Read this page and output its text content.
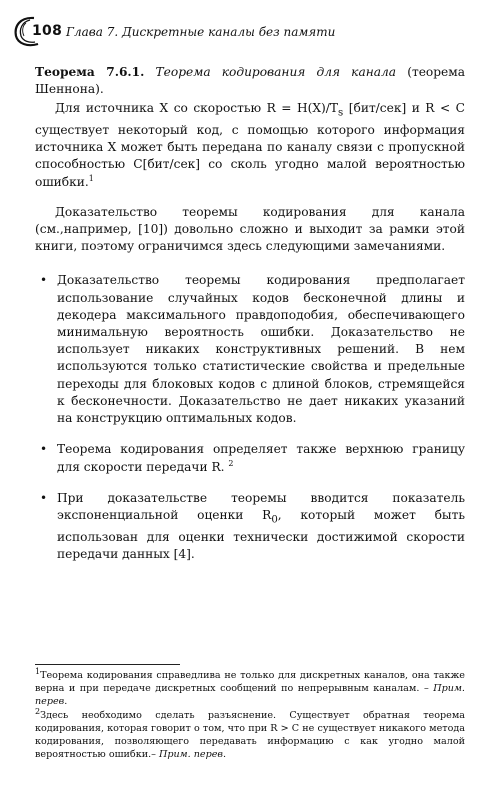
108 Глава 7. Дискретные каналы без памяти

Теорема 7.6.1. Теорема кодирования для канала (теорема Шеннона).

Для источника X со скоростью $R = H(X)/T_s$ [бит/сек] и R < C существует некоторый код, с помощью которого информация источника X может быть передана по каналу связи с пропускной способностью C[бит/сек] со сколь угодно малой вероятностью ошибки.$^1$

Доказательство теоремы кодирования для канала (см.,например, [10]) довольно сложно и выходит за рамки этой книги, поэтому ограничимся здесь следующими замечаниями.

• Доказательство теоремы кодирования предполагает использование случайных кодов бесконечной длины и декодера максимального правдоподобия, обеспечивающего минимальную вероятность ошибки. Доказательство не использует никаких конструктивных решений. В нем используются только статистические свойства и предельные переходы для блоковых кодов с длиной блоков, стремящейся к бесконечности. Доказательство не дает никаких указаний на конструкцию оптимальных кодов.
• Теорема кодирования определяет также верхнюю границу для скорости передачи R. $^2$
• При доказательстве теоремы вводится показатель экспоненциальной оценки $R_0$, который может быть использован для оценки технически достижимой скорости передачи данных [4].

$^1$Теорема кодирования справедлива не только для дискретных каналов, она также верна и при передаче дискретных сообщений по непрерывным каналам. – Прим. перев.

$^2$Здесь необходимо сделать разъяснение. Существует обратная теорема кодирования, которая говорит о том, что при R > C не существует никакого метода кодирования, позволяющего передавать информацию с как угодно малой вероятностью ошибки.– Прим. перев.
